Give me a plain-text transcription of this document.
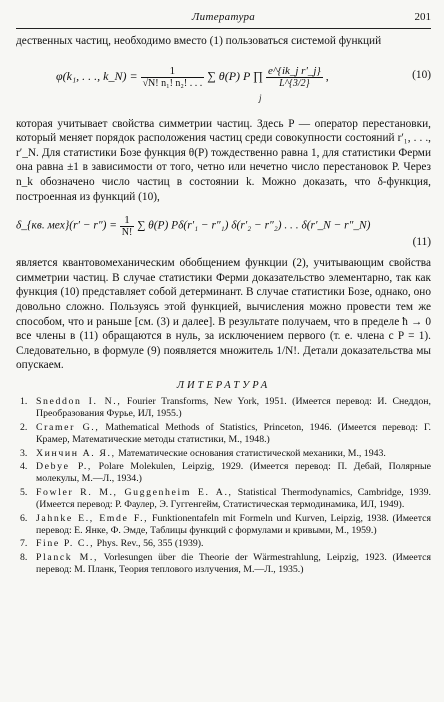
Литература	201

дественных частиц, необходимо вместо (1) пользоваться системой функций

φ(k₁, . . ., k_N) = $\frac{1}{\text{√N! n₁! n₂! . . .}}$ ∑ θ(P) P ∏ $\frac{\text{e\textasciicircum{}\{ik\_j r'\_j\}}}{L\^{}\{3/2\}}$ ,
j
(10)

которая учитывает свойства симметрии частиц. Здесь P — оператор перестановки, который меняет порядок расположения частиц среди совокупности состояний r′₁, . . ., r′_N. Для статистики Бозе функция θ(P) тождественно равна 1, для статистики Ферми она равна ±1 в зависимости от того, четно или нечетно число перестановок P. Через n_k обозначено число частиц в состоянии k. Можно доказать, что δ-функция, построенная из функций (10),

δ_{кв. $мех\}(r' - r'') = \frac{1}{N!}$ ∑ θ(P) Pδ(r′₁ − r″₁) δ(r′₂ − r″₂) . . . δ(r′_N − r″_N)
(11)

является квантовомеханическим обобщением функции (2), учитывающим свойства симметрии частиц. В случае статистики Ферми доказательство элементарно, так как функция (10) представляет собой детерминант. В случае статистики Бозе, однако, оно довольно сложно. Пользуясь этой функцией, вычисления можно провести тем же способом, что и раньше [см. (3) и далее]. В результате получаем, что в пределе ħ → 0 все члены в (11) обращаются в нуль, за исключением первого (т. е. члена с P = 1). Следовательно, в формуле (9) появляется множитель 1/N!. Детали доказательства мы опускаем.

ЛИТЕРАТУРА
1. Sneddon I. N., Fourier Transforms, New York, 1951. (Имеется перевод: И. Снеддон, Преобразования Фурье, ИЛ, 1955.)
2. Cramer G., Mathematical Methods of Statistics, Princeton, 1946. (Имеется перевод: Г. Крамер, Математические методы статистики, М., 1948.)
3. Хинчин А. Я., Математические основания статистической механики, М., 1943.
4. Debye P., Polare Molekulen, Leipzig, 1929. (Имеется перевод: П. Дебай, Полярные молекулы, М.—Л., 1934.)
5. Fowler R. M., Guggenheim E. A., Statistical Thermodynamics, Cambridge, 1939. (Имеется перевод: Р. Фаулер, Э. Гуггенгейм, Статистическая термодинамика, ИЛ, 1949).
6. Jahnke E., Emde F., Funktionentafeln mit Formeln und Kurven, Leipzig, 1938. (Имеется перевод: Е. Янке, Ф. Эмде, Таблицы функций с формулами и кривыми, М., 1959.)
7. Fine P. C., Phys. Rev., 56, 355 (1939).
8. Planck M., Vorlesungen über die Theorie der Wärmestrahlung, Leipzig, 1923. (Имеется перевод: М. Планк, Теория теплового излучения, М.—Л., 1935.)
